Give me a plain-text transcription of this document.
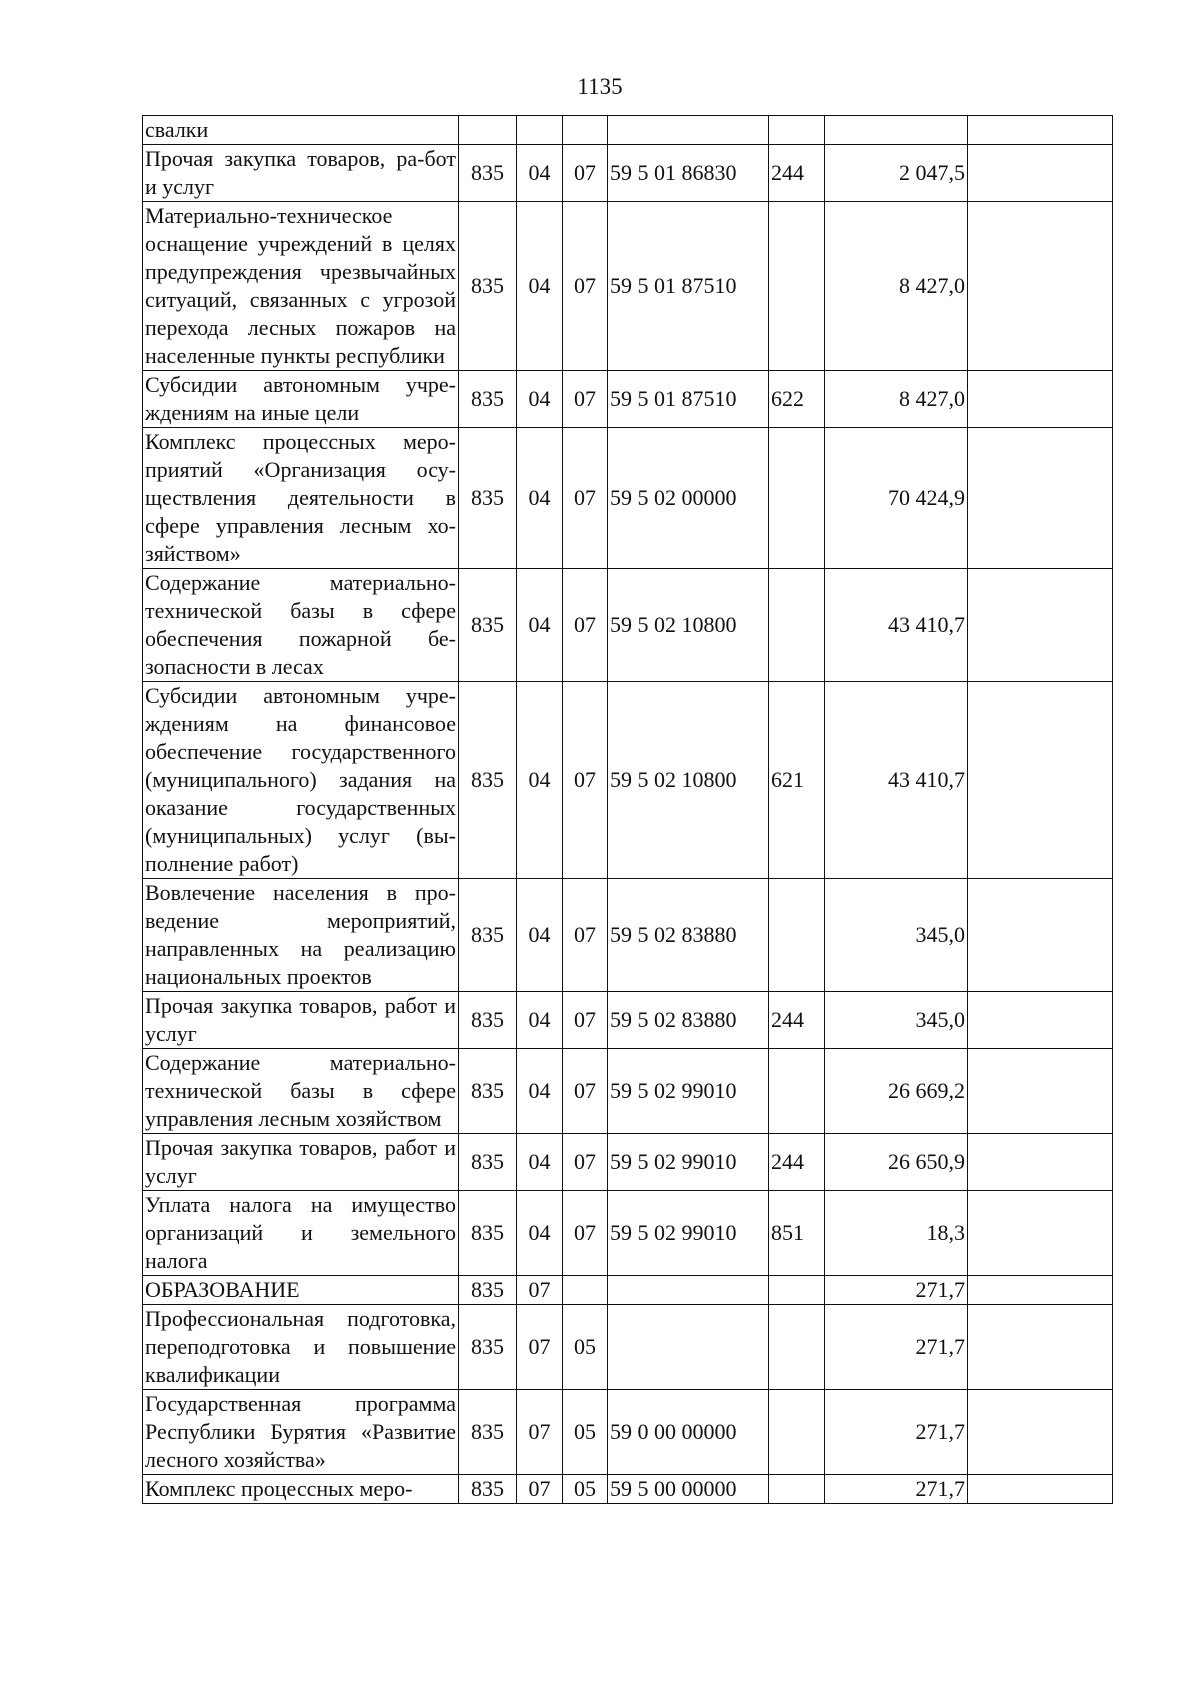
1135
свалки							
Прочая закупка товаров, ра-бот и услуг	835	04	07	59 5 01 86830	244	2 047,5	
Материально-техническое оснащение учреждений в целях предупреждения чрезвычайных ситуаций, связанных с угрозой перехода лесных пожаров на населенные пункты республики	835	04	07	59 5 01 87510		8 427,0	
Субсидии автономным учреждениям на иные цели	835	04	07	59 5 01 87510	622	8 427,0	
Комплекс процессных мероприятий «Организация осуществления деятельности в сфере управления лесным хозяйством»	835	04	07	59 5 02 00000		70 424,9	
Содержание материально-технической базы в сфере обеспечения пожарной безопасности в лесах	835	04	07	59 5 02 10800		43 410,7	
Субсидии автономным учреждениям на финансовое обеспечение государственного (муниципального) задания на оказание государственных (муниципальных) услуг (выполнение работ)	835	04	07	59 5 02 10800	621	43 410,7	
Вовлечение населения в проведение мероприятий, направленных на реализацию национальных проектов	835	04	07	59 5 02 83880		345,0	
Прочая закупка товаров, работ и услуг	835	04	07	59 5 02 83880	244	345,0	
Содержание материально-технической базы в сфере управления лесным хозяйством	835	04	07	59 5 02 99010		26 669,2	
Прочая закупка товаров, работ и услуг	835	04	07	59 5 02 99010	244	26 650,9	
Уплата налога на имущество организаций и земельного налога	835	04	07	59 5 02 99010	851	18,3	
ОБРАЗОВАНИЕ	835	07				271,7	
Профессиональная подготовка, переподготовка и повышение квалификации	835	07	05			271,7	
Государственная программа Республики Бурятия «Развитие лесного хозяйства»	835	07	05	59 0 00 00000		271,7	
Комплекс процессных меро-	835	07	05	59 5 00 00000		271,7	
